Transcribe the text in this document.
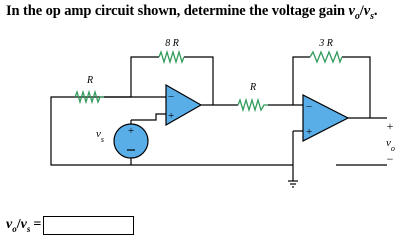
In the op amp circuit shown, determine the voltage gain $v_o/v_s$.
−
+
−
+
+
8 R	3 R
R
R
$v_s$
+
$v_o$
−
$v_o/v_s$ =
